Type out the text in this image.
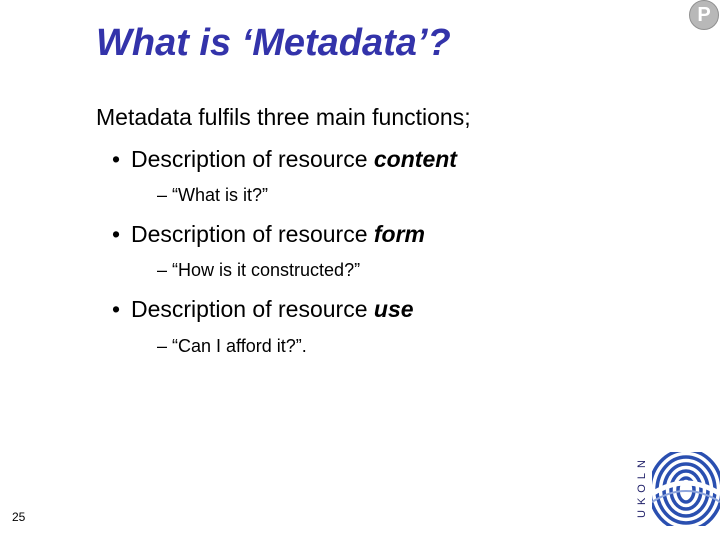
What is ‘Metadata’?
P
Metadata fulfils three main functions;
• Description of resource content
– “What is it?”
• Description of resource form
– “How is it constructed?”
• Description of resource use
– “Can I afford it?”.
25	UKOLN
